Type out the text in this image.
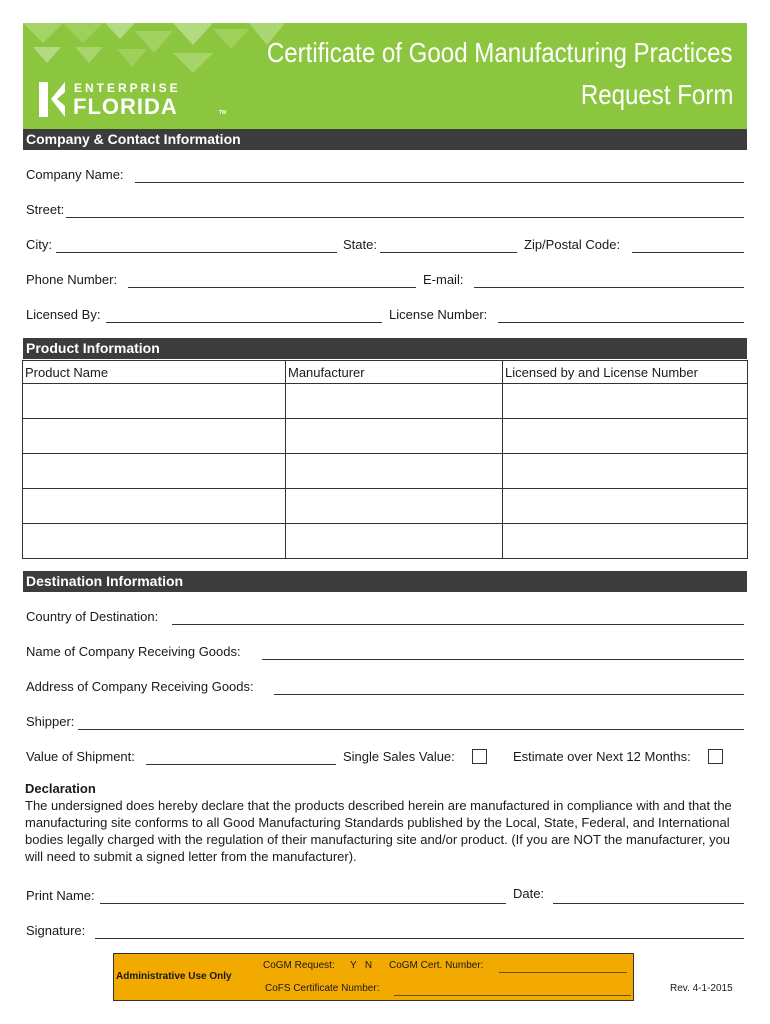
ENTERPRISE
FLORIDA	TM
Certificate of Good Manufacturing Practices
Request Form
Company & Contact Information
Company Name:
Street:
City:	State:	Zip/Postal Code:
Phone Number:	E-mail:
Licensed By:	License Number:
Product Information
Product Name	Manufacturer	Licensed by and License Number

Destination Information
Country of Destination:
Name of Company Receiving Goods:
Address of Company Receiving Goods:
Shipper:
Value of Shipment:	Single Sales Value:	Estimate over Next 12 Months:
Declaration
The undersigned does hereby declare that the products described herein are manufactured in compliance with and that the manufacturing site conforms to all Good Manufacturing Standards published by the Local, State, Federal, and International bodies legally charged with the regulation of their manufacturing site and/or product. (If you are NOT the manufacturer, you will need to submit a signed letter from the manufacturer).
Print Name:	Date:
Signature:
Administrative Use Only
CoGM Request: Y   N CoGM Cert. Number:
CoFS Certificate Number:	Rev. 4-1-2015
